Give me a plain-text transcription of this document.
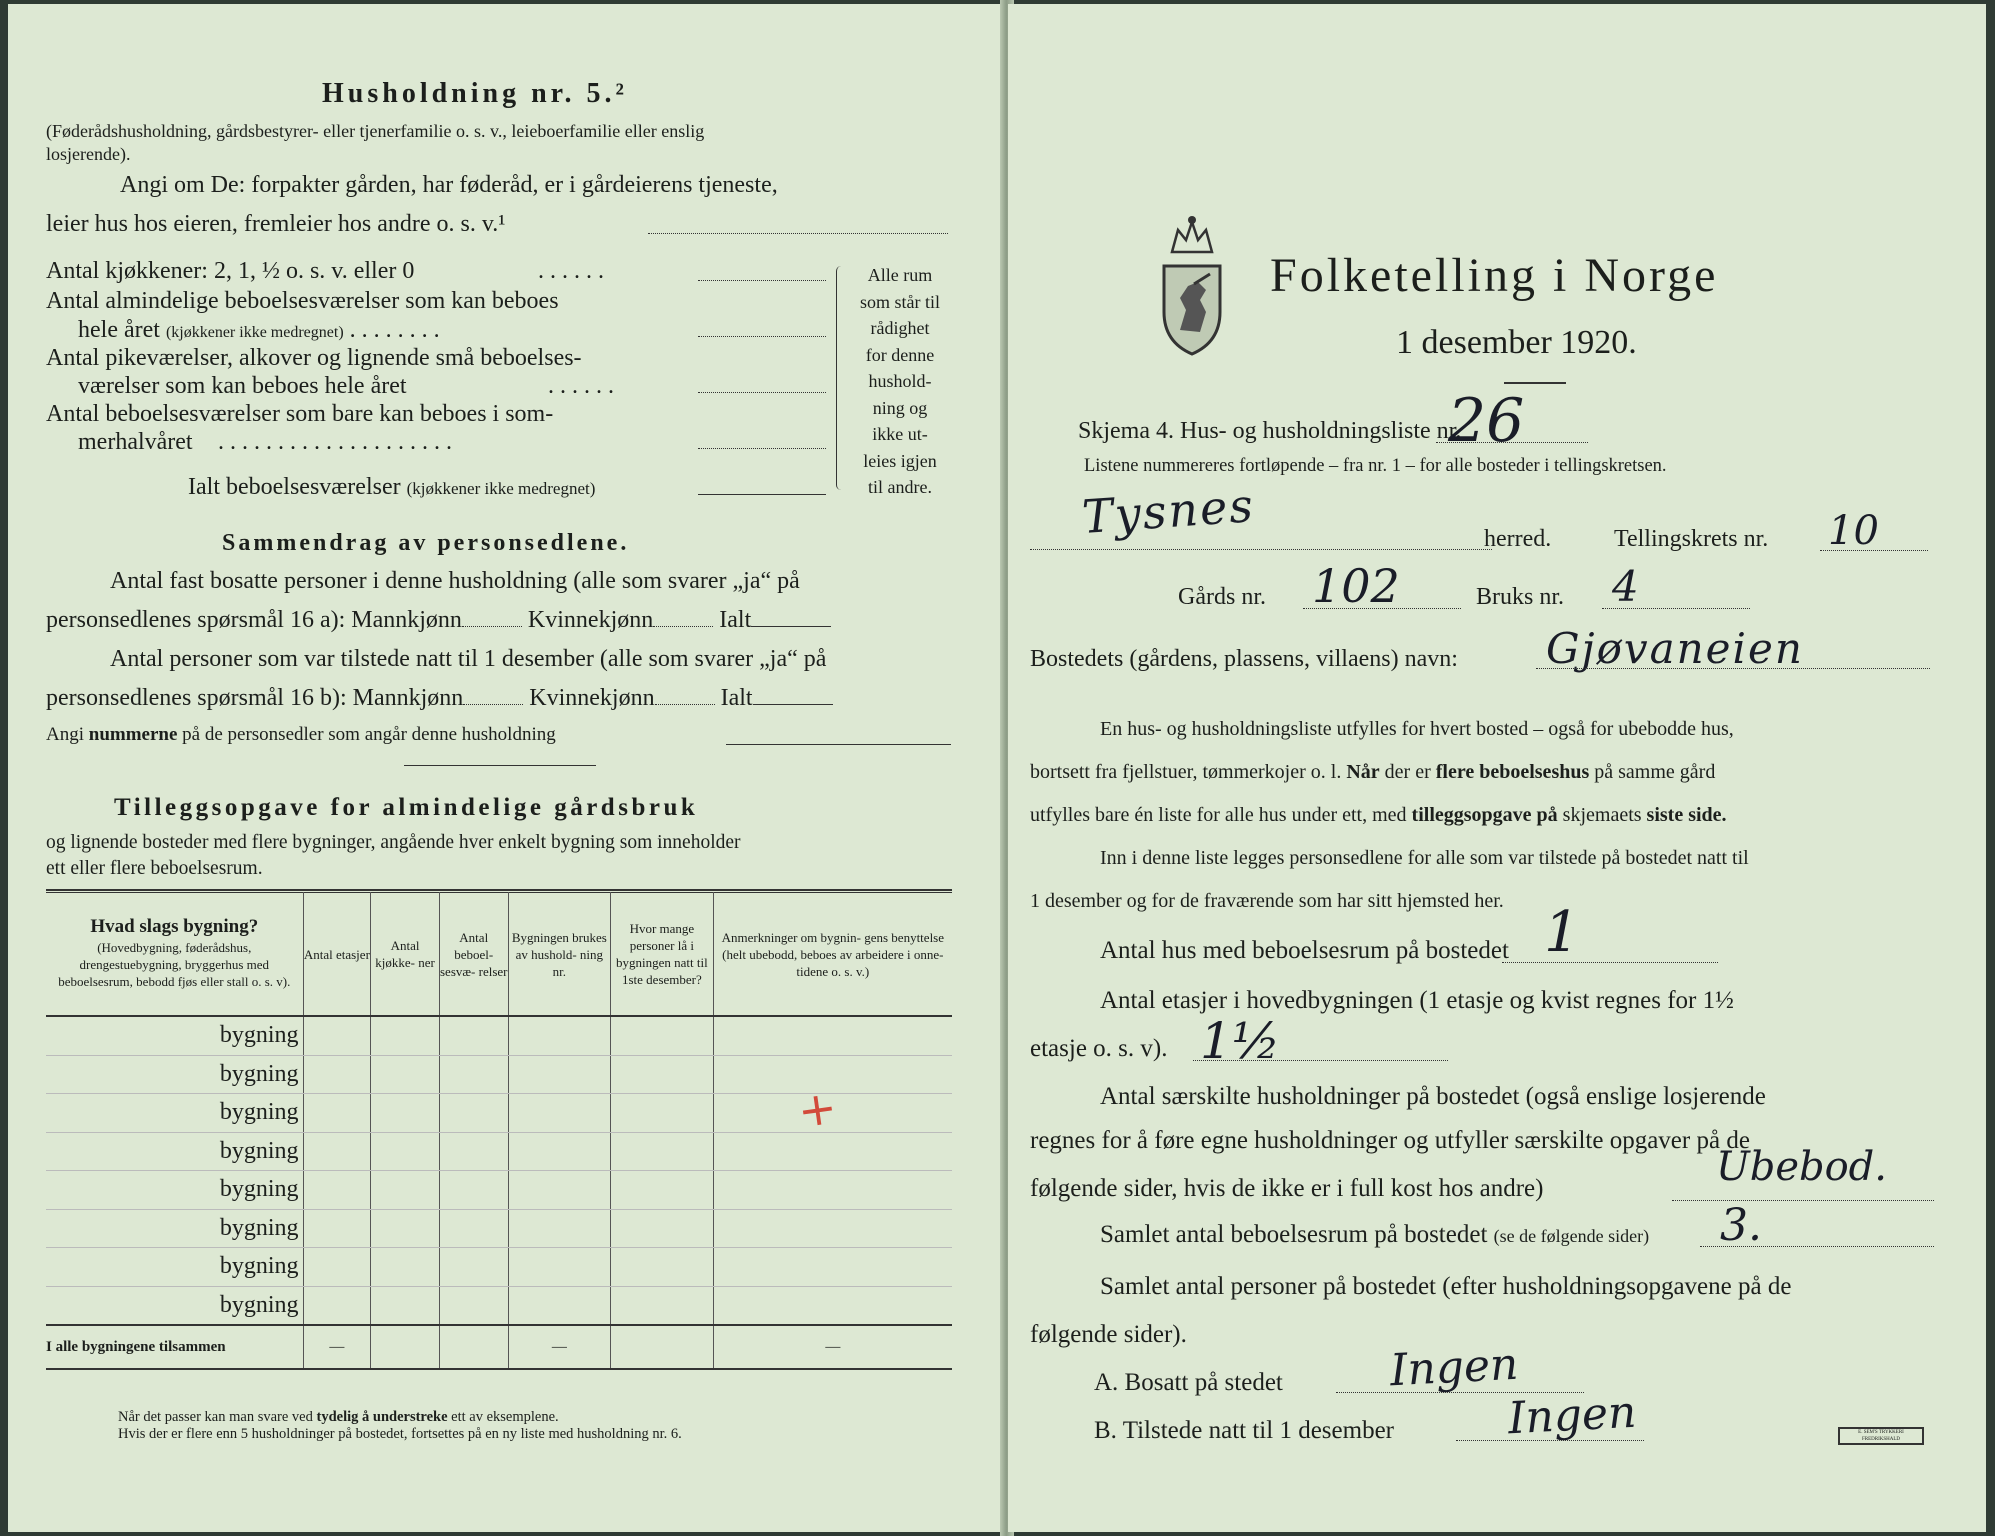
Husholdning nr. 5.²
(Føderådshusholdning, gårdsbestyrer- eller tjenerfamilie o. s. v., leieboerfamilie eller enslig losjerende).
Angi om De: forpakter gården, har føderåd, er i gårdeierens tjeneste,
leier hus hos eieren, fremleier hos andre o. s. v.¹
Antal kjøkkener: 2, 1, ½ o. s. v. eller 0	. . . . . .
Antal almindelige beboelsesværelser som kan beboes
hele året (kjøkkener ikke medregnet) . . . . . . . .
Antal pikeværelser, alkover og lignende små beboelses-
værelser som kan beboes hele året	. . . . . .
Antal beboelsesværelser som bare kan beboes i som-
merhalvåret . . . . . . . . . . . . . . . . . . . .
Ialt beboelsesværelser (kjøkkener ikke medregnet)
Alle rum
som står til
rådighet
for denne
hushold-
ning og
ikke ut-
leies igjen
til andre.
Sammendrag av personsedlene.
Antal fast bosatte personer i denne husholdning (alle som svarer „ja“ på
personsedlenes spørsmål 16 a): Mannkjønn	Kvinnekjønn	Ialt
Antal personer som var tilstede natt til 1 desember (alle som svarer „ja“ på
personsedlenes spørsmål 16 b): Mannkjønn	Kvinnekjønn	Ialt
Angi nummerne på de personsedler som angår denne husholdning
Tilleggsopgave for almindelige gårdsbruk
og lignende bosteder med flere bygninger, angående hver enkelt bygning som inneholder
ett eller flere beboelsesrum.
Hvad slags bygning?
(Hovedbygning, føderådshus, drengestuebygning, bryggerhus med beboelsesrum, bebodd fjøs eller stall o. s. v).	Antal etasjer	Antal kjøkke- ner	Antal beboel- sesvæ- relser	Bygningen brukes av hushold- ning nr.	Hvor mange personer lå i bygningen natt til 1ste desember?	Anmerkninger om bygnin- gens benyttelse (helt ubebodd, beboes av arbeidere i onne- tidene o. s. v.)
bygning						
bygning						
bygning						
bygning						
bygning						
bygning						
bygning						
bygning						
I alle bygningene tilsammen	—			—		—
+
Når det passer kan man svare ved tydelig å understreke ett av eksemplene.
Hvis der er flere enn 5 husholdninger på bostedet, fortsettes på en ny liste med husholdning nr. 6.
Folketelling i Norge
1 desember 1920.
Skjema 4. Hus- og husholdningsliste nr.
26
Listene nummereres fortløpende – fra nr. 1 – for alle bosteder i tellingskretsen.
Tysnes	herred.	Tellingskrets nr. 10
Gårds nr. 102	Bruks nr. 4
Bostedets (gårdens, plassens, villaens) navn: Gjøvaneien
En hus- og husholdningsliste utfylles for hvert bosted – også for ubebodde hus,
bortsett fra fjellstuer, tømmerkojer o. l. Når der er flere beboelseshus på samme gård
utfylles bare én liste for alle hus under ett, med tilleggsopgave på skjemaets siste side.
Inn i denne liste legges personsedlene for alle som var tilstede på bostedet natt til
1 desember og for de fraværende som har sitt hjemsted her.
Antal hus med beboelsesrum på bostedet 1
Antal etasjer i hovedbygningen (1 etasje og kvist regnes for 1½
etasje o. s. v). 1½
Antal særskilte husholdninger på bostedet (også enslige losjerende
regnes for å føre egne husholdninger og utfyller særskilte opgaver på de
følgende sider, hvis de ikke er i full kost hos andre)	Ubebod.
Samlet antal beboelsesrum på bostedet (se de følgende sider) 3.
Samlet antal personer på bostedet (efter husholdningsopgavene på de
følgende sider).
A. Bosatt på stedet Ingen
B. Tilstede natt til 1 desember	Ingen	E. SEM'S TRYKKERI FREDRIKSHALD
